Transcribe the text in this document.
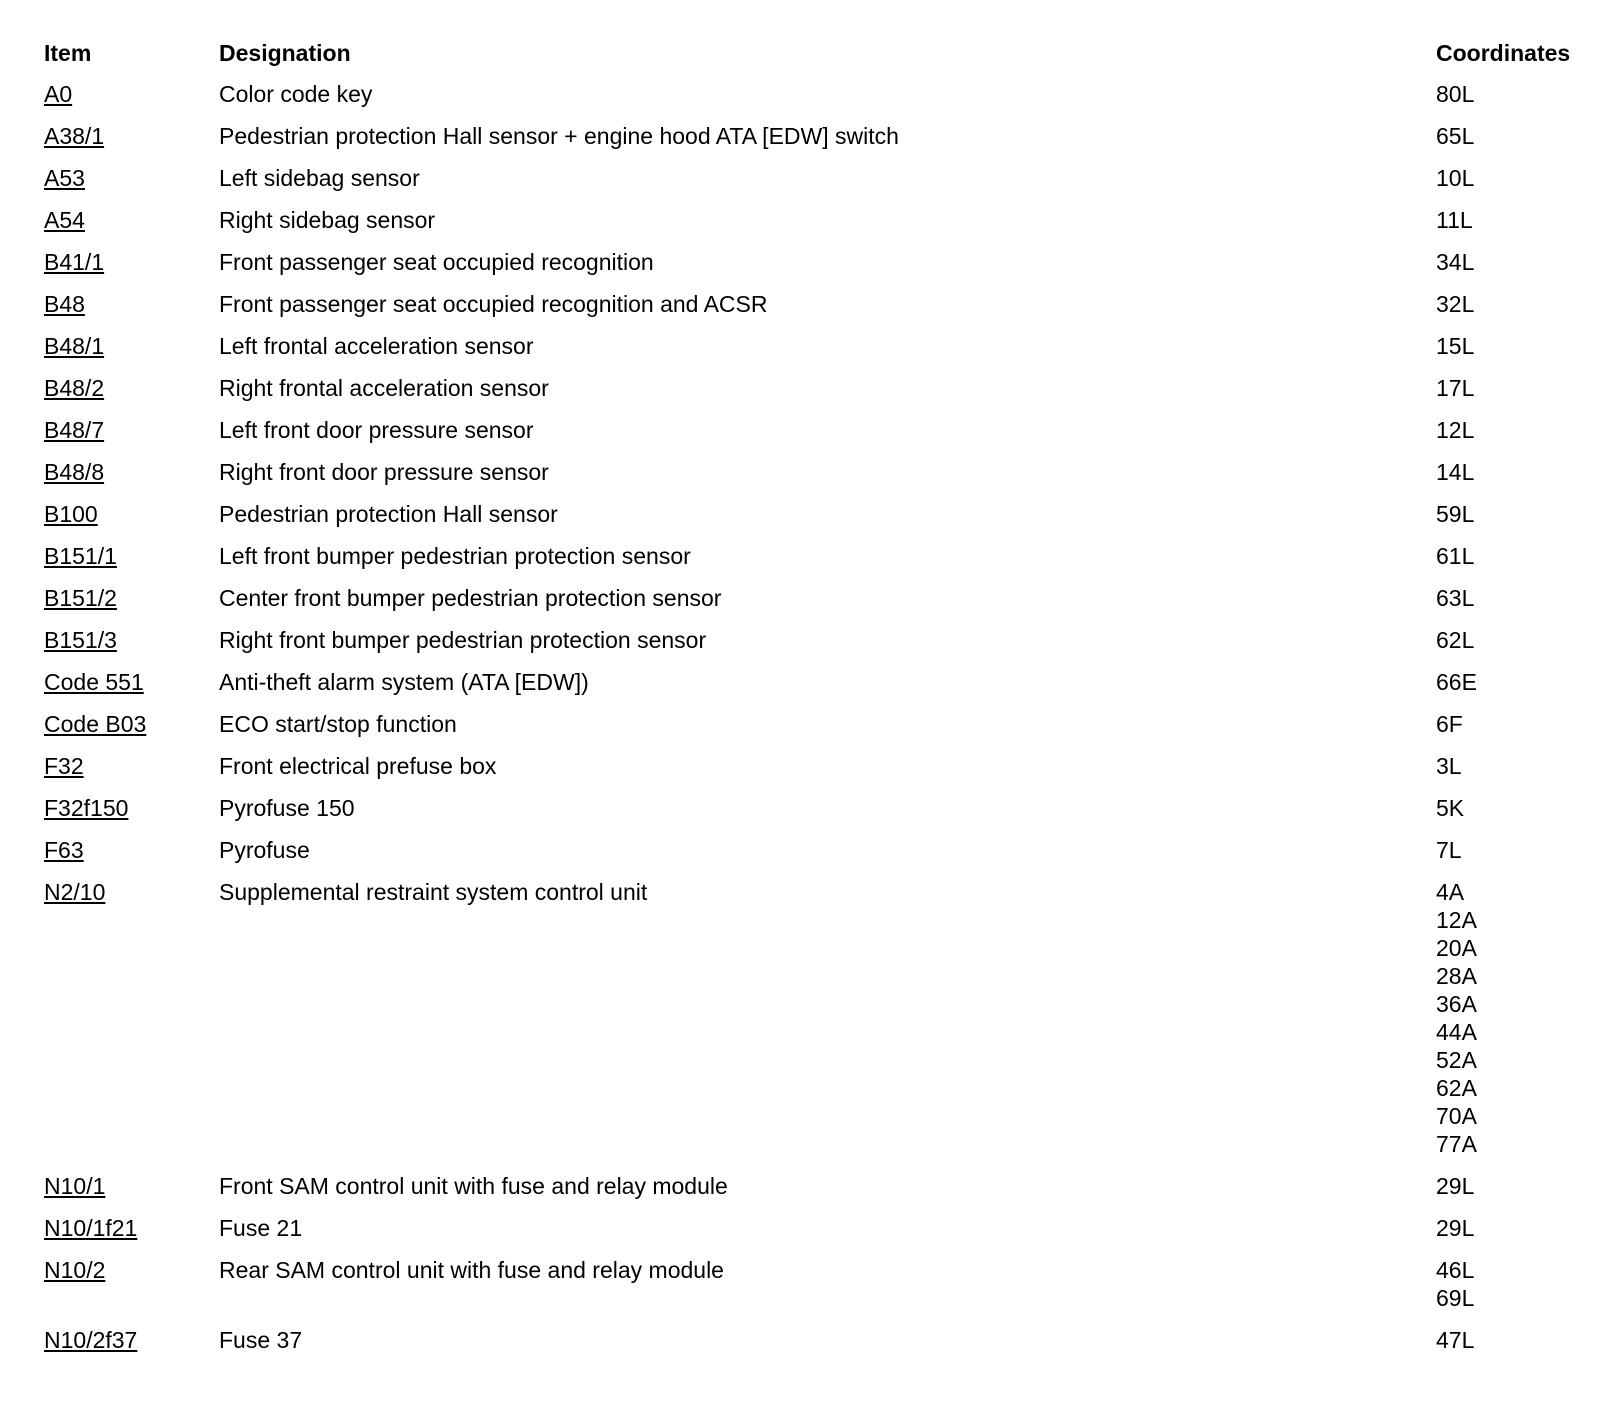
Item	Designation	Coordinates
A0	Color code key	80L
A38/1	Pedestrian protection Hall sensor + engine hood ATA [EDW] switch	65L
A53	Left sidebag sensor	10L
A54	Right sidebag sensor	11L
B41/1	Front passenger seat occupied recognition	34L
B48	Front passenger seat occupied recognition and ACSR	32L
B48/1	Left frontal acceleration sensor	15L
B48/2	Right frontal acceleration sensor	17L
B48/7	Left front door pressure sensor	12L
B48/8	Right front door pressure sensor	14L
B100	Pedestrian protection Hall sensor	59L
B151/1	Left front bumper pedestrian protection sensor	61L
B151/2	Center front bumper pedestrian protection sensor	63L
B151/3	Right front bumper pedestrian protection sensor	62L
Code 551	Anti-theft alarm system (ATA [EDW])	66E
Code B03	ECO start/stop function	6F
F32	Front electrical prefuse box	3L
F32f150	Pyrofuse 150	5K
F63	Pyrofuse	7L
N2/10	Supplemental restraint system control unit	4A
12A
20A
28A
36A
44A
52A
62A
70A
77A
N10/1	Front SAM control unit with fuse and relay module	29L
N10/1f21	Fuse 21	29L
N10/2	Rear SAM control unit with fuse and relay module	46L
69L
N10/2f37	Fuse 37	47L
